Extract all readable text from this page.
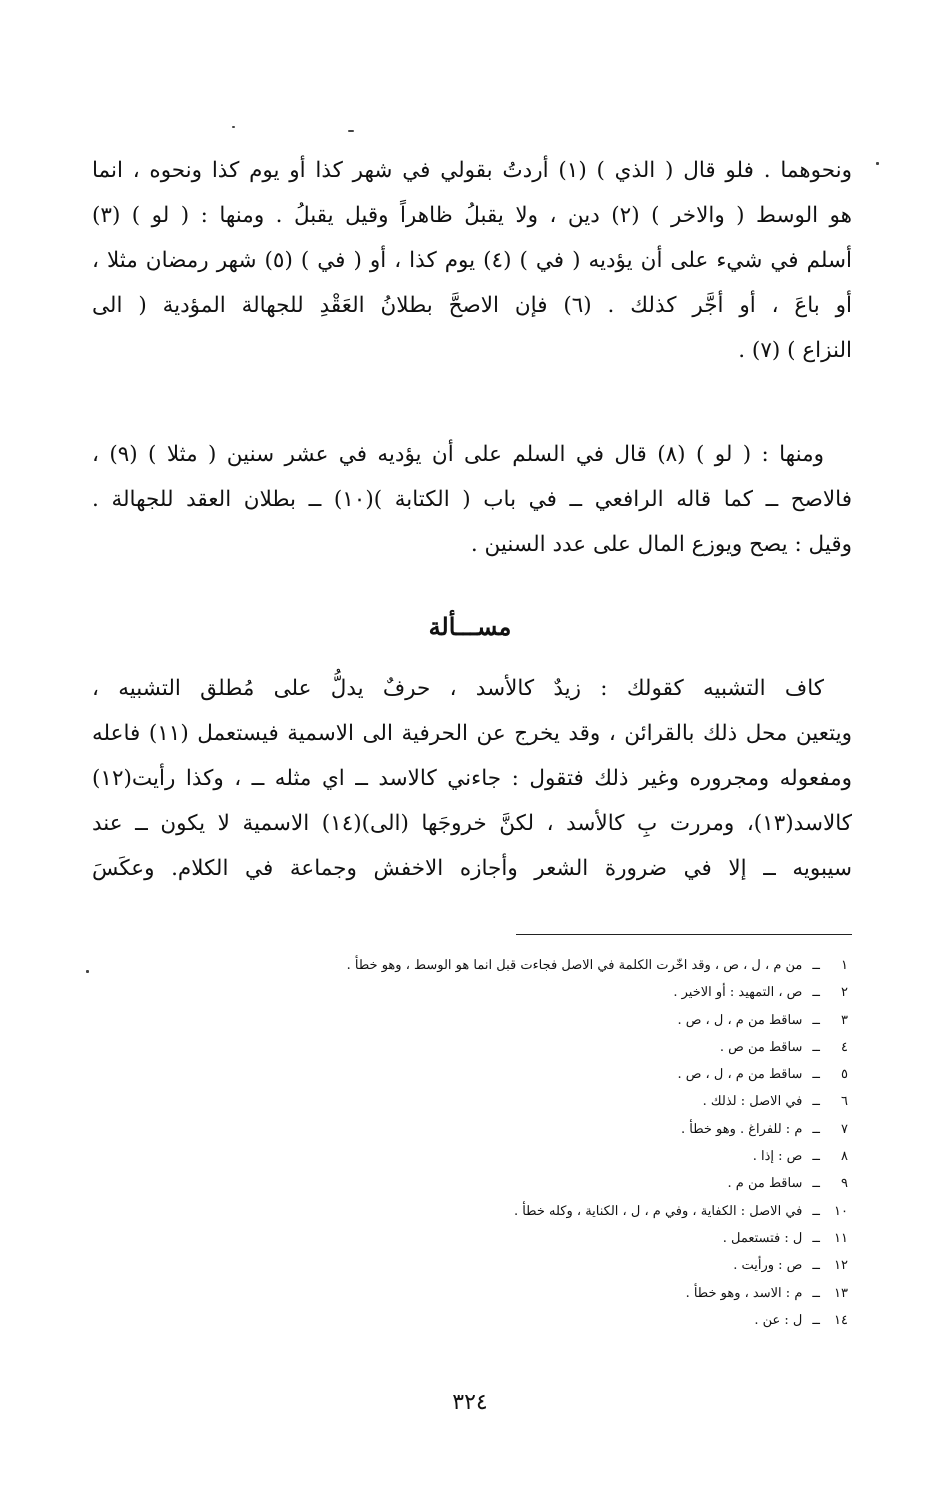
ونحوهما . فلو قال ( الذي ) (١) أردتُ بقولي في شهر كذا أو يوم كذا ونحوه ، انما
هو الوسط ( والاخر ) (٢) دين ، ولا يقبلُ ظاهراً وقيل يقبلُ . ومنها : ( لو ) (٣)
أسلم في شيء على أن يؤديه ( في ) (٤) يوم كذا ، أو ( في ) (٥) شهر رمضان مثلا ،
أو باعَ ، أو أجَّر كذلك . (٦) فإن الاصحَّ بطلانُ العَقْدِ للجهالة المؤدية ( الى
النزاع ) (٧) .
ومنها : ( لو ) (٨) قال في السلم على أن يؤديه في عشر سنين ( مثلا ) (٩) ،
فالاصح ــ كما قاله الرافعي ــ في باب ( الكتابة )(١٠) ــ بطلان العقد للجهالة .
وقيل : يصح ويوزع المال على عدد السنين .
مســـألة
كاف التشبيه كقولك : زيدٌ كالأسد ، حرفٌ يدلُّ على مُطلق التشبيه ،
ويتعين محل ذلك بالقرائن ، وقد يخرج عن الحرفية الى الاسمية فيستعمل (١١) فاعله
ومفعوله ومجروره وغير ذلك فتقول : جاءني كالاسد ــ اي مثله ــ ، وكذا رأيت(١٢)
كالاسد(١٣)، ومررت بِ كالأسد ، لكنَّ خروجَها (الى)(١٤) الاسمية لا يكون ــ عند
سيبويه ــ إلا في ضرورة الشعر وأجازه الاخفش وجماعة في الكلام. وعكَسَ
١ــمن م ، ل ، ص ، وقد اخّرت الكلمة في الاصل فجاءت قبل انما هو الوسط ، وهو خطأ .
٢ــص ، التمهيد : أو الاخير .
٣ــساقط من م ، ل ، ص .
٤ــساقط من ص .
٥ــساقط من م ، ل ، ص .
٦ــفي الاصل : لذلك .
٧ــم : للفراغ . وهو خطأ .
٨ــص : إذا .
٩ــساقط من م .
١٠ــفي الاصل : الكفاية ، وفي م ، ل ، الكناية ، وكله خطأ .
١١ــل : فتستعمل .
١٢ــص : ورأيت .
١٣ــم : الاسد ، وهو خطأ .
١٤ــل : عن .
٣٢٤
